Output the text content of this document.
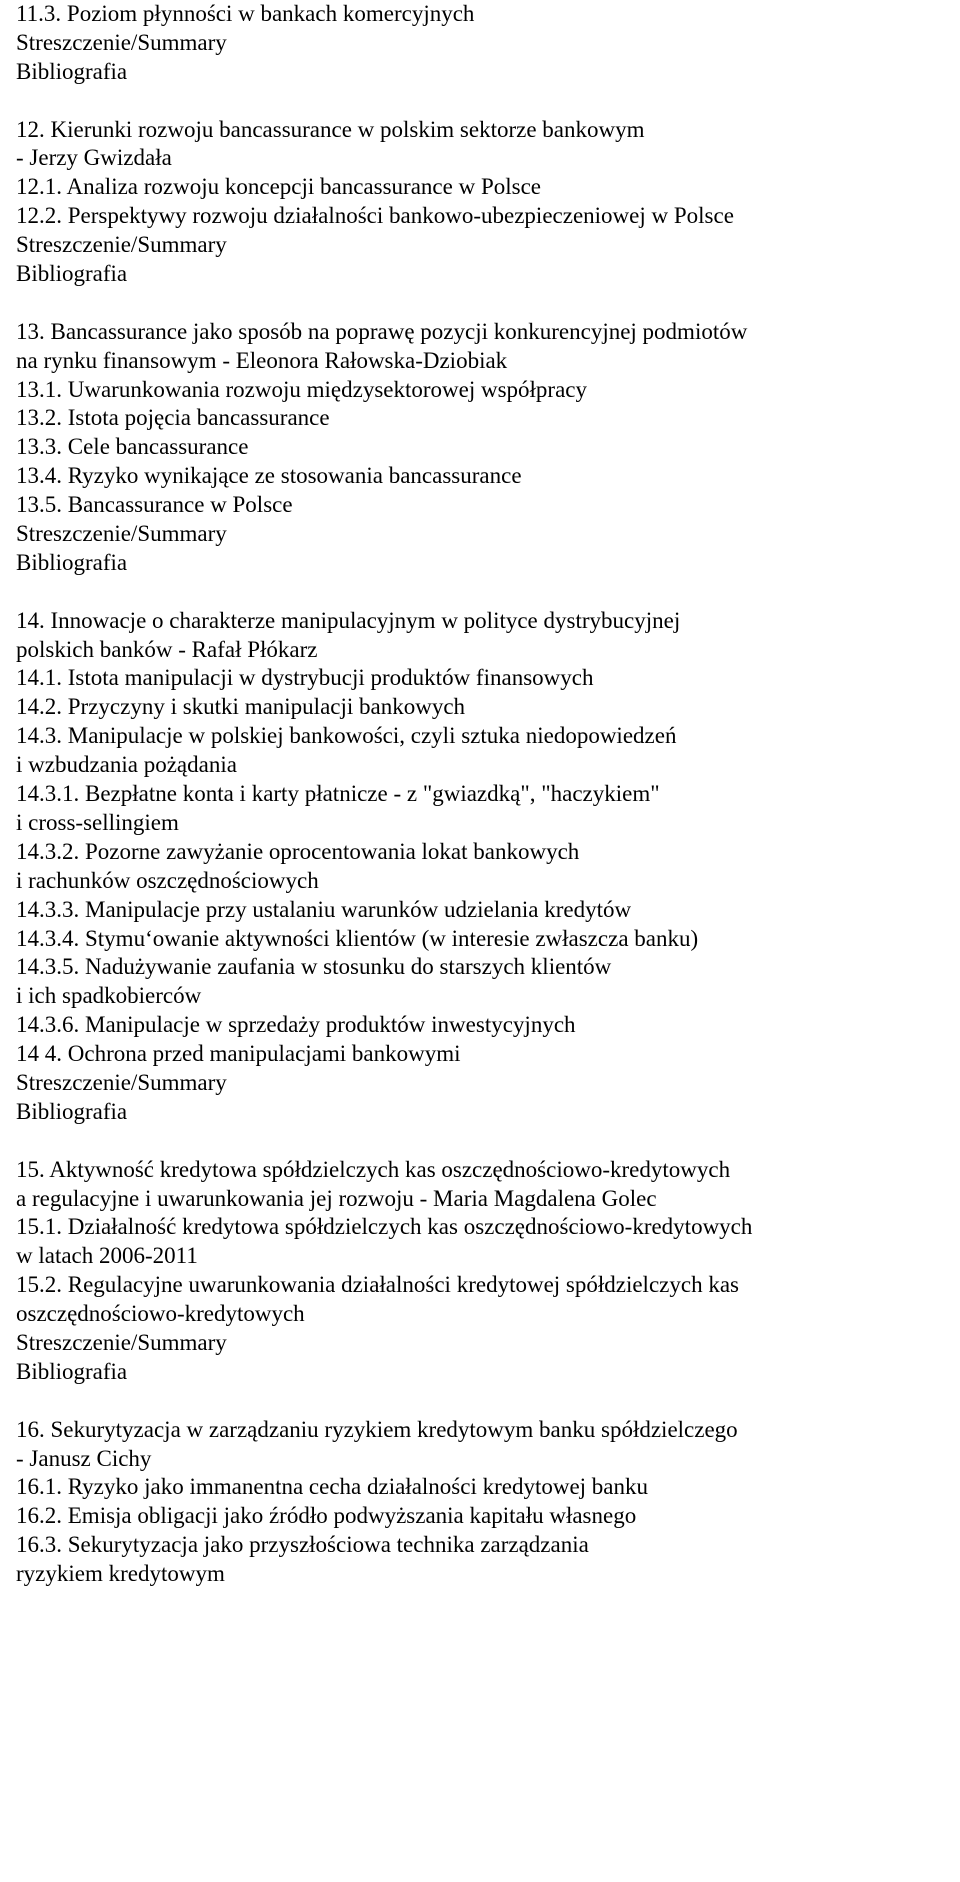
11.3. Poziom płynności w bankach komercyjnych
Streszczenie/Summary
Bibliografia
12. Kierunki rozwoju bancassurance w polskim sektorze bankowym
- Jerzy Gwizdała
12.1. Analiza rozwoju koncepcji bancassurance w Polsce
12.2. Perspektywy rozwoju działalności bankowo-ubezpieczeniowej w Polsce
Streszczenie/Summary
Bibliografia
13. Bancassurance jako sposób na poprawę pozycji konkurencyjnej podmiotów
na rynku finansowym - Eleonora Rałowska-Dziobiak
13.1. Uwarunkowania rozwoju międzysektorowej współpracy
13.2. Istota pojęcia bancassurance
13.3. Cele bancassurance
13.4. Ryzyko wynikające ze stosowania bancassurance
13.5. Bancassurance w Polsce
Streszczenie/Summary
Bibliografia
14. Innowacje o charakterze manipulacyjnym w polityce dystrybucyjnej
polskich banków - Rafał Płókarz
14.1. Istota manipulacji w dystrybucji produktów finansowych
14.2. Przyczyny i skutki manipulacji bankowych
14.3. Manipulacje w polskiej bankowości, czyli sztuka niedopowiedzeń
i wzbudzania pożądania
14.3.1. Bezpłatne konta i karty płatnicze - z "gwiazdką", "haczykiem"
i cross-sellingiem
14.3.2. Pozorne zawyżanie oprocentowania lokat bankowych
i rachunków oszczędnościowych
14.3.3. Manipulacje przy ustalaniu warunków udzielania kredytów
14.3.4. Stymu‘owanie aktywności klientów (w interesie zwłaszcza banku)
14.3.5. Nadużywanie zaufania w stosunku do starszych klientów
i ich spadkobierców
14.3.6. Manipulacje w sprzedaży produktów inwestycyjnych
14 4. Ochrona przed manipulacjami bankowymi
Streszczenie/Summary
Bibliografia
15. Aktywność kredytowa spółdzielczych kas oszczędnościowo-kredytowych
a regulacyjne i uwarunkowania jej rozwoju - Maria Magdalena Golec
15.1. Działalność kredytowa spółdzielczych kas oszczędnościowo-kredytowych
w latach 2006-2011
15.2. Regulacyjne uwarunkowania działalności kredytowej spółdzielczych kas
oszczędnościowo-kredytowych
Streszczenie/Summary
Bibliografia
16. Sekurytyzacja w zarządzaniu ryzykiem kredytowym banku spółdzielczego
- Janusz Cichy
16.1. Ryzyko jako immanentna cecha działalności kredytowej banku
16.2. Emisja obligacji jako źródło podwyższania kapitału własnego
16.3. Sekurytyzacja jako przyszłościowa technika zarządzania
ryzykiem kredytowym
